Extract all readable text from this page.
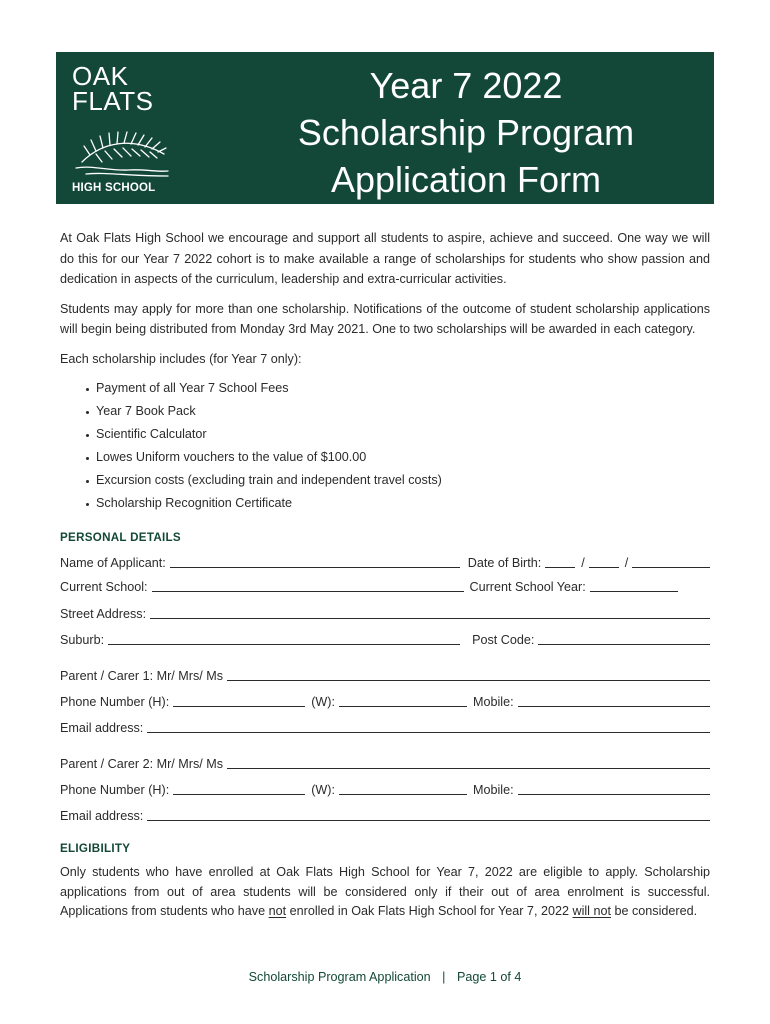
OAK
FLATS
HIGH SCHOOL
Year 7 2022
Scholarship Program
Application Form

At Oak Flats High School we encourage and support all students to aspire, achieve and succeed. One way we will do this for our Year 7 2022 cohort is to make available a range of scholarships for students who show passion and dedication in aspects of the curriculum, leadership and extra-curricular activities.

Students may apply for more than one scholarship. Notifications of the outcome of student scholarship applications will begin being distributed from Monday 3rd May 2021. One to two scholarships will be awarded in each category.

Each scholarship includes (for Year 7 only):

Payment of all Year 7 School Fees
Year 7 Book Pack
Scientific Calculator
Lowes Uniform vouchers to the value of $100.00
Excursion costs (excluding train and independent travel costs)
Scholarship Recognition Certificate
PERSONAL DETAILS
Name of Applicant:	Date of Birth:	/	/
Current School:	Current School Year:
Street Address:
Suburb:	Post Code:
Parent / Carer 1: Mr/ Mrs/ Ms
Phone Number (H):	(W):	Mobile:
Email address:
Parent / Carer 2: Mr/ Mrs/ Ms
Phone Number (H):	(W):	Mobile:
Email address:
ELIGIBILITY

Only students who have enrolled at Oak Flats High School for Year 7, 2022 are eligible to apply. Scholarship applications from out of area students will be considered only if their out of area enrolment is successful. Applications from students who have not enrolled in Oak Flats High School for Year 7, 2022 will not be considered.

Scholarship Program Application | Page 1 of 4
